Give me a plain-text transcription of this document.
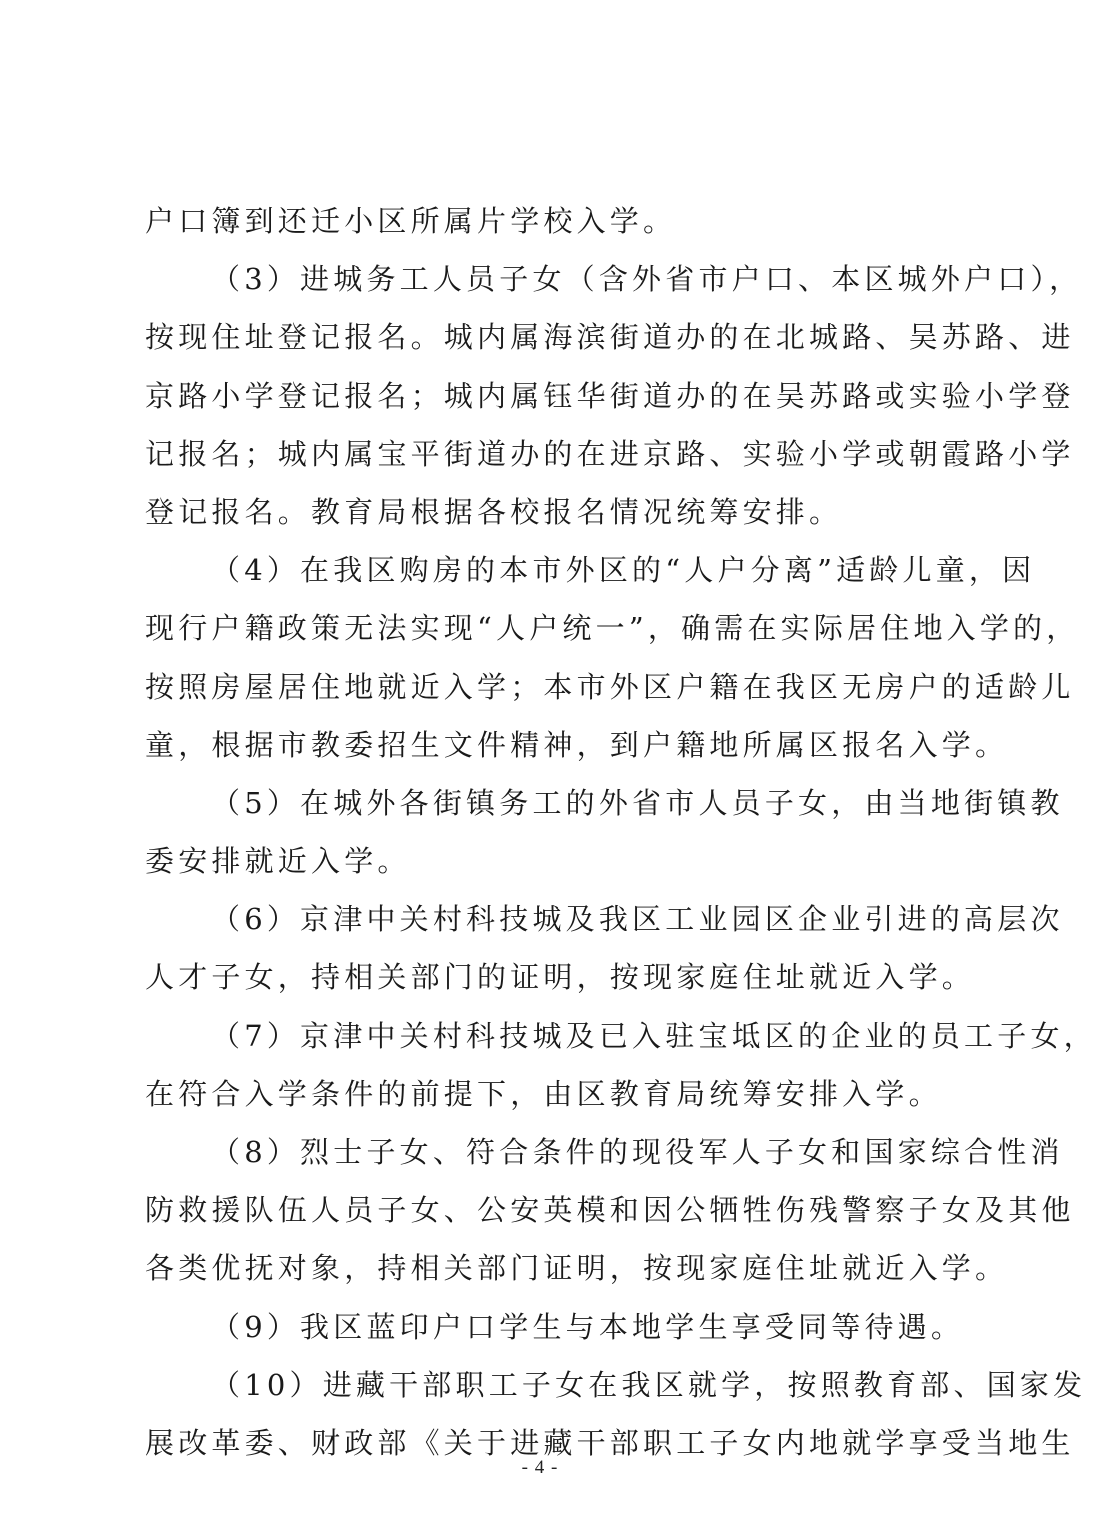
户口簿到还迁小区所属片学校入学。
（3）进城务工人员子女（含外省市户口、本区城外户口），
按现住址登记报名。城内属海滨街道办的在北城路、吴苏路、进
京路小学登记报名；城内属钰华街道办的在吴苏路或实验小学登
记报名；城内属宝平街道办的在进京路、实验小学或朝霞路小学
登记报名。教育局根据各校报名情况统筹安排。
（4）在我区购房的本市外区的“人户分离”适龄儿童，因
现行户籍政策无法实现“人户统一”，确需在实际居住地入学的，
按照房屋居住地就近入学；本市外区户籍在我区无房户的适龄儿
童，根据市教委招生文件精神，到户籍地所属区报名入学。
（5）在城外各街镇务工的外省市人员子女，由当地街镇教
委安排就近入学。
（6）京津中关村科技城及我区工业园区企业引进的高层次
人才子女，持相关部门的证明，按现家庭住址就近入学。
（7）京津中关村科技城及已入驻宝坻区的企业的员工子女，
在符合入学条件的前提下，由区教育局统筹安排入学。
（8）烈士子女、符合条件的现役军人子女和国家综合性消
防救援队伍人员子女、公安英模和因公牺牲伤残警察子女及其他
各类优抚对象，持相关部门证明，按现家庭住址就近入学。
（9）我区蓝印户口学生与本地学生享受同等待遇。
（10）进藏干部职工子女在我区就学，按照教育部、国家发
展改革委、财政部《关于进藏干部职工子女内地就学享受当地生
- 4 -
